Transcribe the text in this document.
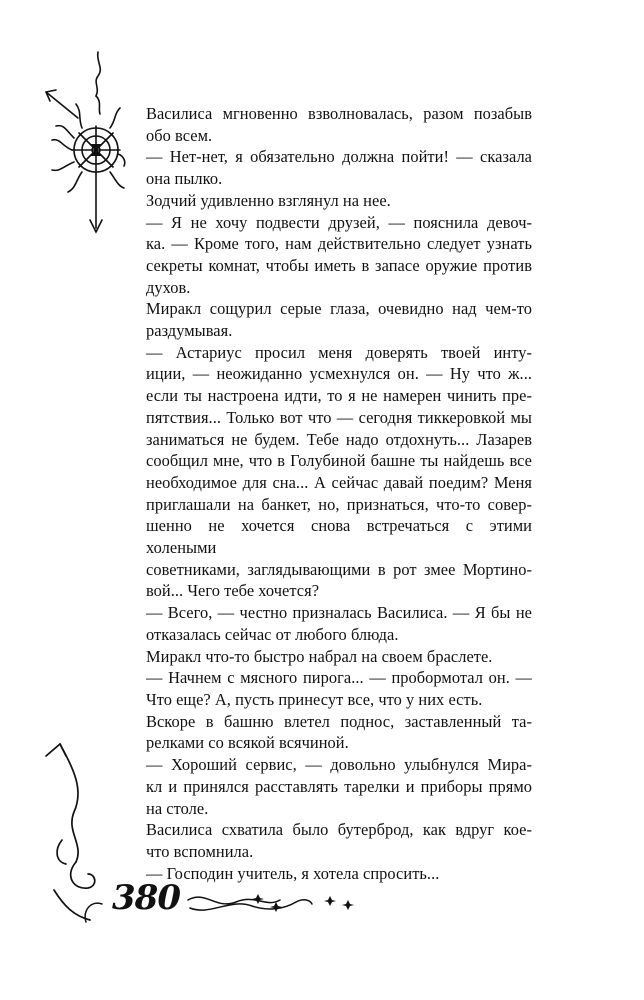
Василиса мгновенно взволновалась, разом позабыв
обо всем.
— Нет-нет, я обязательно должна пойти! — сказала
она пылко.
Зодчий удивленно взглянул на нее.
— Я не хочу подвести друзей, — пояснила девоч-
ка. — Кроме того, нам действительно следует узнать
секреты комнат, чтобы иметь в запасе оружие против
духов.
Миракл сощурил серые глаза, очевидно над чем-то
раздумывая.
— Астариус просил меня доверять твоей инту-
иции, — неожиданно усмехнулся он. — Ну что ж...
если ты настроена идти, то я не намерен чинить пре-
пятствия... Только вот что — сегодня тиккеровкой мы
заниматься не будем. Тебе надо отдохнуть... Лазарев
сообщил мне, что в Голубиной башне ты найдешь все
необходимое для сна... А сейчас давай поедим? Меня
приглашали на банкет, но, признаться, что-то совер-
шенно не хочется снова встречаться с этими холеными
советниками, заглядывающими в рот змее Мортино-
вой... Чего тебе хочется?
— Всего, — честно призналась Василиса. — Я бы не
отказалась сейчас от любого блюда.
Миракл что-то быстро набрал на своем браслете.
— Начнем с мясного пирога... — пробормотал он. —
Что еще? А, пусть принесут все, что у них есть.
Вскоре в башню влетел поднос, заставленный та-
релками со всякой всячиной.
— Хороший сервис, — довольно улыбнулся Мира-
кл и принялся расставлять тарелки и приборы прямо
на столе.
Василиса схватила было бутерброд, как вдруг кое-
что вспомнила.
— Господин учитель, я хотела спросить...
380
